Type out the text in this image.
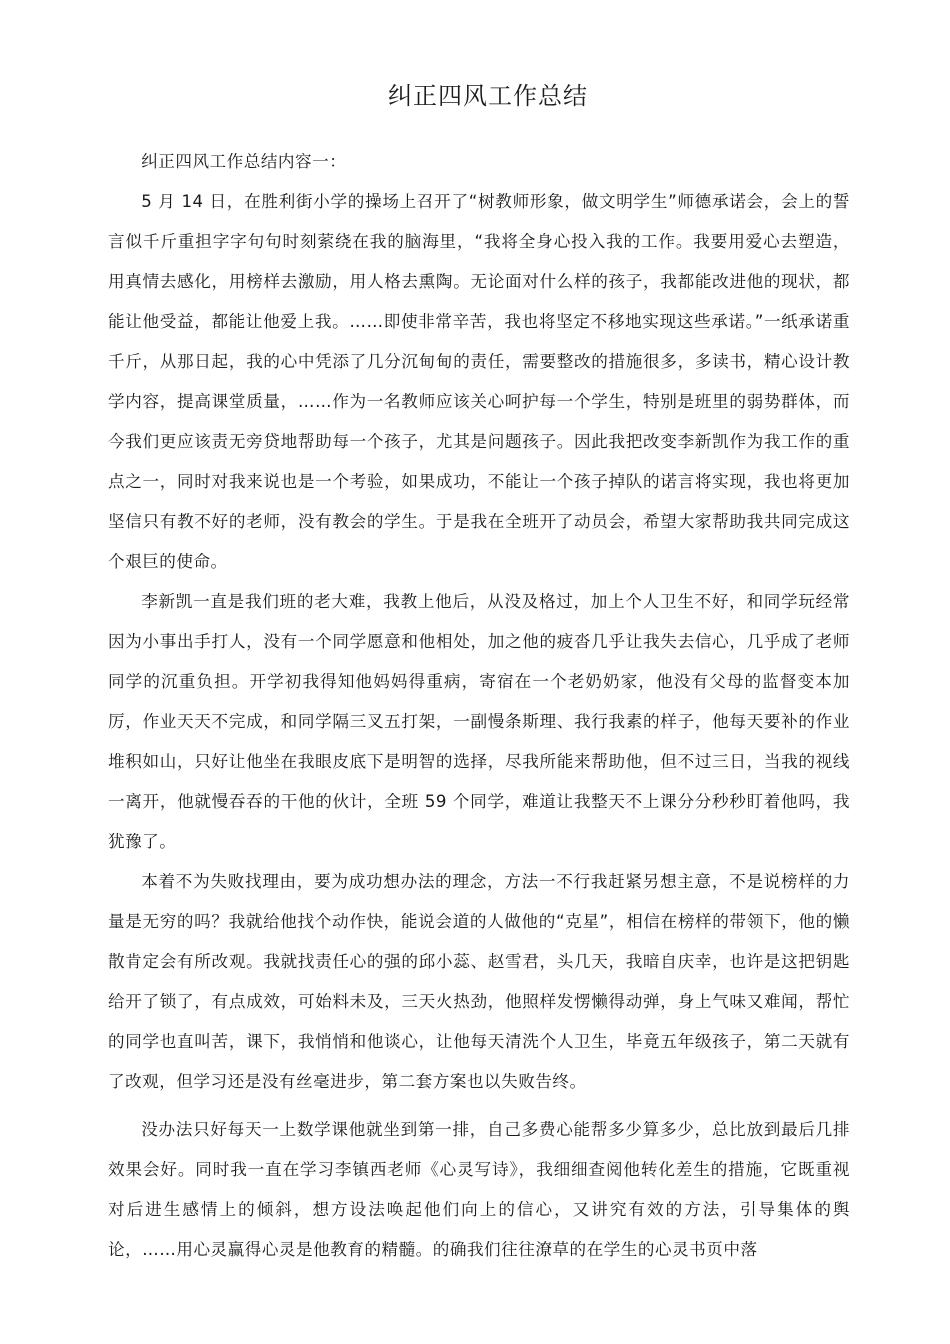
纠正四风工作总结

纠正四风工作总结内容一：

5 月 14 日，在胜利街小学的操场上召开了“树教师形象，做文明学生”师德承诺会，会上的誓言似千斤重担字字句句时刻萦绕在我的脑海里，“我将全身心投入我的工作。我要用爱心去塑造，用真情去感化，用榜样去激励，用人格去熏陶。无论面对什么样的孩子，我都能改进他的现状，都能让他受益，都能让他爱上我。……即使非常辛苦，我也将坚定不移地实现这些承诺。”一纸承诺重千斤，从那日起，我的心中凭添了几分沉甸甸的责任，需要整改的措施很多，多读书，精心设计教学内容，提高课堂质量，……作为一名教师应该关心呵护每一个学生，特别是班里的弱势群体，而今我们更应该责无旁贷地帮助每一个孩子，尤其是问题孩子。因此我把改变李新凯作为我工作的重点之一，同时对我来说也是一个考验，如果成功，不能让一个孩子掉队的诺言将实现，我也将更加坚信只有教不好的老师，没有教会的学生。于是我在全班开了动员会，希望大家帮助我共同完成这个艰巨的使命。

李新凯一直是我们班的老大难，我教上他后，从没及格过，加上个人卫生不好，和同学玩经常因为小事出手打人，没有一个同学愿意和他相处，加之他的疲沓几乎让我失去信心，几乎成了老师同学的沉重负担。开学初我得知他妈妈得重病，寄宿在一个老奶奶家，他没有父母的监督变本加厉，作业天天不完成，和同学隔三叉五打架，一副慢条斯理、我行我素的样子，他每天要补的作业堆积如山，只好让他坐在我眼皮底下是明智的选择，尽我所能来帮助他，但不过三日，当我的视线一离开，他就慢吞吞的干他的伙计，全班 59 个同学，难道让我整天不上课分分秒秒盯着他吗，我犹豫了。

本着不为失败找理由，要为成功想办法的理念，方法一不行我赶紧另想主意，不是说榜样的力量是无穷的吗？我就给他找个动作快，能说会道的人做他的“克星”，相信在榜样的带领下，他的懒散肯定会有所改观。我就找责任心的强的邱小蕊、赵雪君，头几天，我暗自庆幸，也许是这把钥匙给开了锁了，有点成效，可始料未及，三天火热劲，他照样发愣懒得动弹，身上气味又难闻，帮忙的同学也直叫苦，课下，我悄悄和他谈心，让他每天清洗个人卫生，毕竟五年级孩子，第二天就有了改观，但学习还是没有丝毫进步，第二套方案也以失败告终。

没办法只好每天一上数学课他就坐到第一排，自己多费心能帮多少算多少，总比放到最后几排效果会好。同时我一直在学习李镇西老师《心灵写诗》，我细细查阅他转化差生的措施，它既重视对后进生感情上的倾斜，想方设法唤起他们向上的信心，又讲究有效的方法，引导集体的舆论，……用心灵赢得心灵是他教育的精髓。的确我们往往潦草的在学生的心灵书页中落
